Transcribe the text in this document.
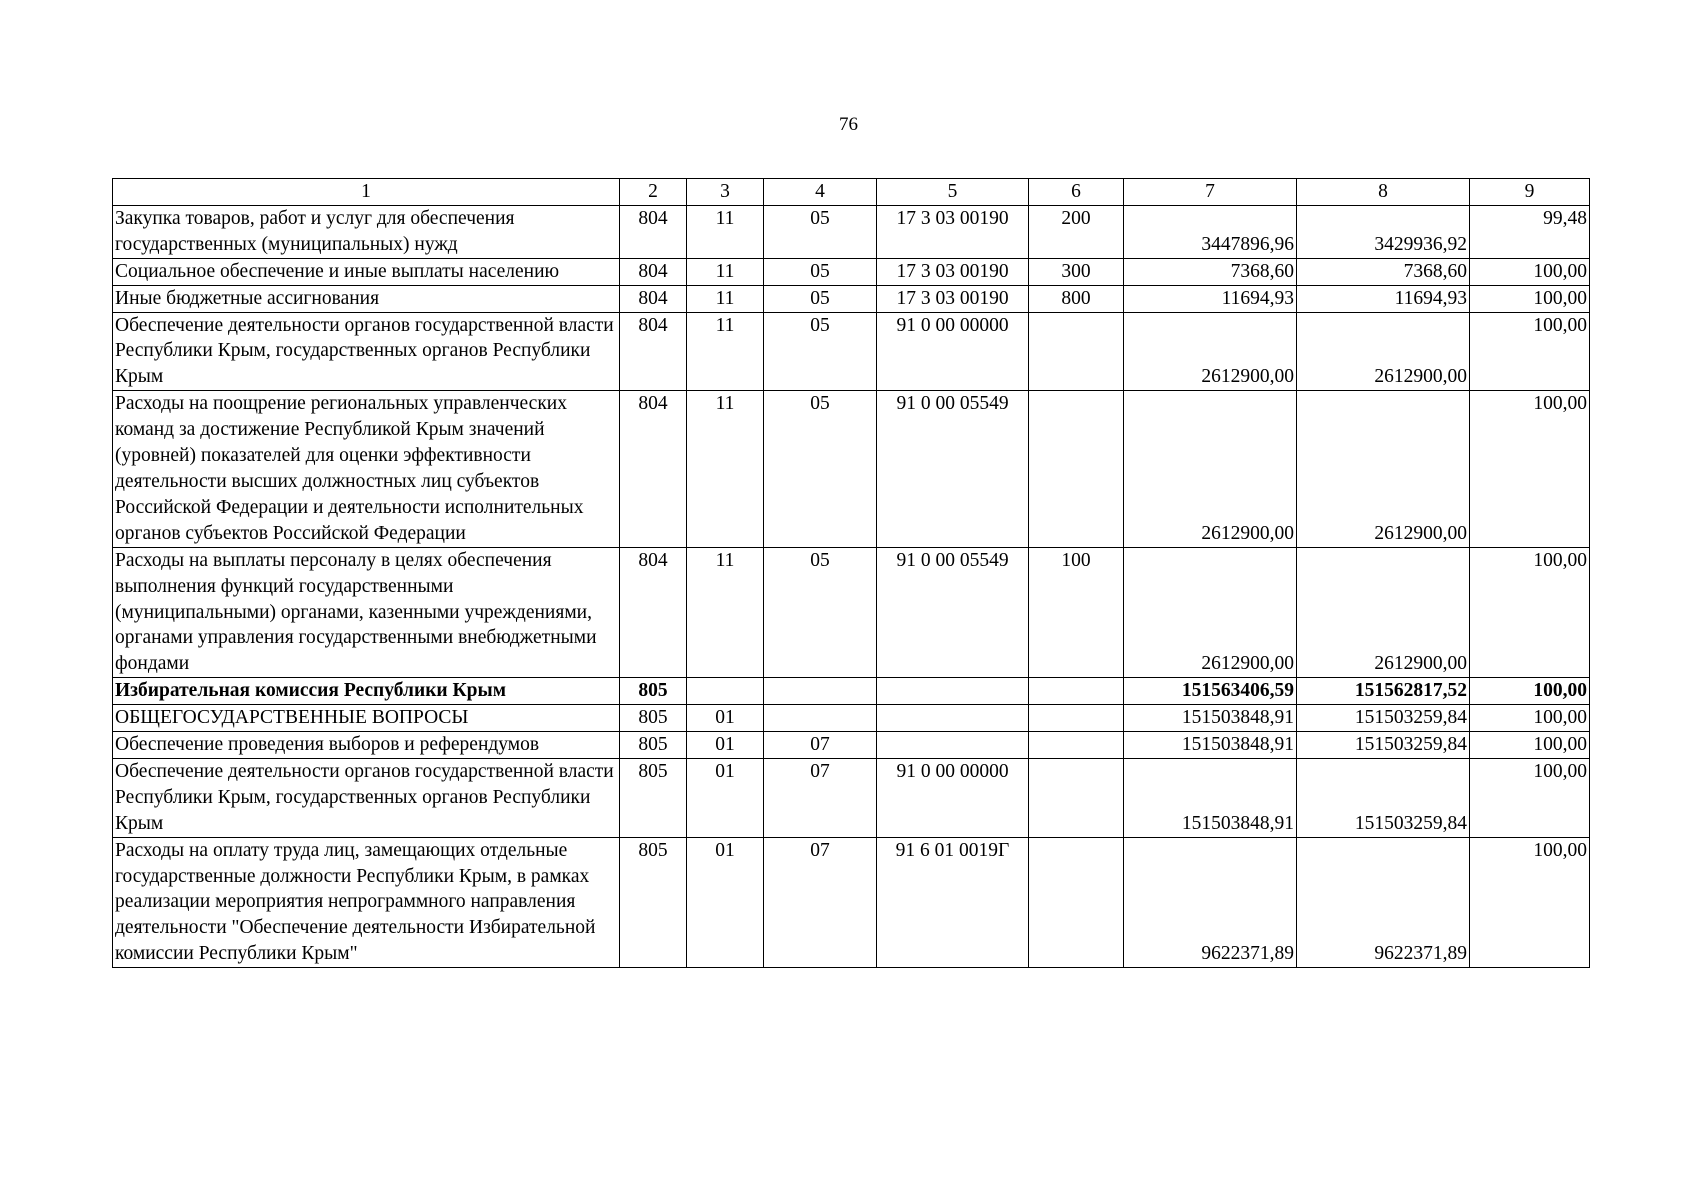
76
1	2	3	4	5	6	7	8	9
Закупка товаров, работ и услуг для обеспечения государственных (муниципальных) нужд	804	11	05	17 3 03 00190	200	3447896,96	3429936,92	99,48
Социальное обеспечение и иные выплаты населению	804	11	05	17 3 03 00190	300	7368,60	7368,60	100,00
Иные бюджетные ассигнования	804	11	05	17 3 03 00190	800	11694,93	11694,93	100,00
Обеспечение деятельности органов государственной власти Республики Крым, государственных органов Республики Крым	804	11	05	91 0 00 00000		2612900,00	2612900,00	100,00
Расходы на поощрение региональных управленческих команд за достижение Республикой Крым значений (уровней) показателей для оценки эффективности деятельности высших должностных лиц субъектов Российской Федерации и деятельности исполнительных органов субъектов Российской Федерации	804	11	05	91 0 00 05549		2612900,00	2612900,00	100,00
Расходы на выплаты персоналу в целях обеспечения выполнения функций государственными (муниципальными) органами, казенными учреждениями, органами управления государственными внебюджетными фондами	804	11	05	91 0 00 05549	100	2612900,00	2612900,00	100,00
Избирательная комиссия Республики Крым	805					151563406,59	151562817,52	100,00
ОБЩЕГОСУДАРСТВЕННЫЕ ВОПРОСЫ	805	01				151503848,91	151503259,84	100,00
Обеспечение проведения выборов и референдумов	805	01	07			151503848,91	151503259,84	100,00
Обеспечение деятельности органов государственной власти Республики Крым, государственных органов Республики Крым	805	01	07	91 0 00 00000		151503848,91	151503259,84	100,00
Расходы на оплату труда лиц, замещающих отдельные государственные должности Республики Крым, в рамках реализации мероприятия непрограммного направления деятельности "Обеспечение деятельности Избирательной комиссии Республики Крым"	805	01	07	91 6 01 0019Г		9622371,89	9622371,89	100,00
